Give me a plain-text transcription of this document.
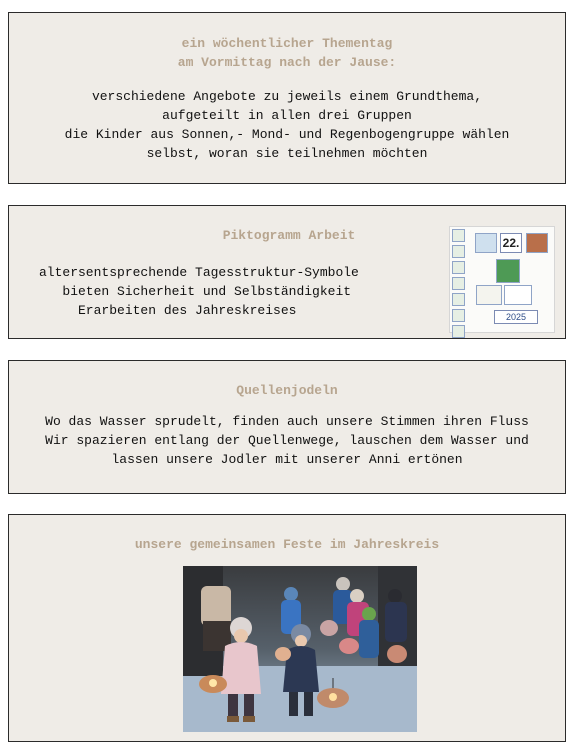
ein wöchentlicher Thementag
am Vormittag nach der Jause:
verschiedene Angebote zu jeweils einem Grundthema,
aufgeteilt in allen drei Gruppen
die Kinder aus Sonnen,- Mond- und Regenbogengruppe wählen
selbst, woran sie teilnehmen möchten
Piktogramm Arbeit
altersentsprechende Tagesstruktur-Symbole
bieten Sicherheit und Selbständigkeit
Erarbeiten des Jahreskreises
22.
2025
Quellenjodeln
Wo das Wasser sprudelt, finden auch unsere Stimmen ihren Fluss
Wir spazieren entlang der Quellenwege, lauschen dem Wasser und
lassen unsere Jodler mit unserer Anni ertönen
unsere gemeinsamen Feste im Jahreskreis
